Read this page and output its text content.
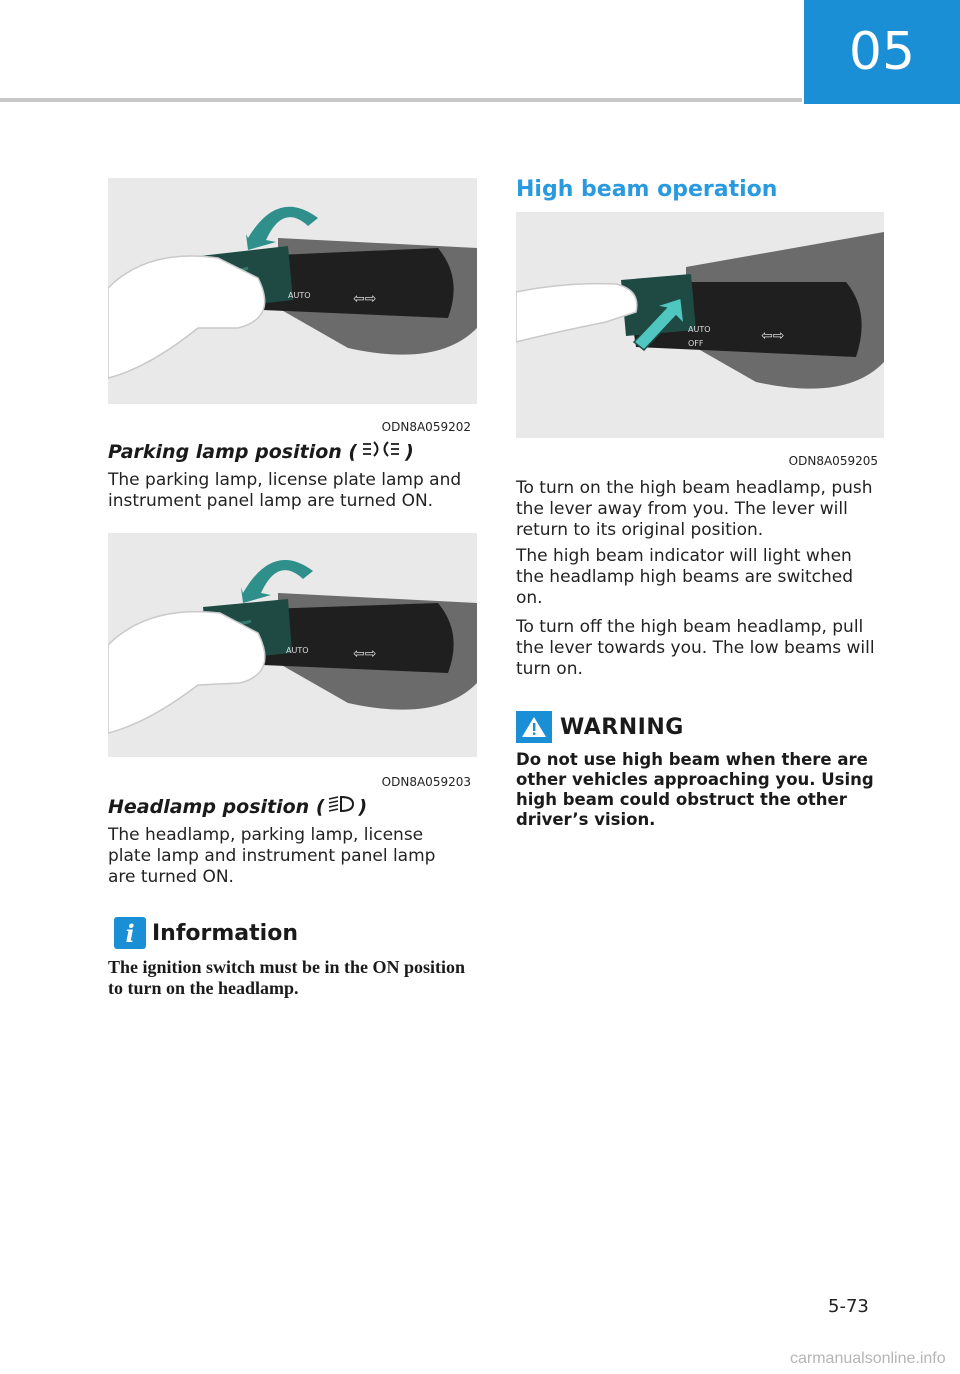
05
AUTO	⇦⇨
ODN8A059202
Parking lamp position (	)
The parking lamp, license plate lamp and instrument panel lamp are turned ON.
AUTO	⇦⇨
ODN8A059203
Headlamp position ( )
The headlamp, parking lamp, license plate lamp and instrument panel lamp are turned ON.
i Information
The ignition switch must be in the ON position to turn on the headlamp.
High beam operation
AUTO
OFF	⇦⇨
ODN8A059205
To turn on the high beam headlamp, push the lever away from you. The lever will return to its original position.
The high beam indicator will light when the headlamp high beams are switched on.
To turn off the high beam headlamp, pull the lever towards you. The low beams will turn on.
WARNING
Do not use high beam when there are other vehicles approaching you. Using high beam could obstruct the other driver’s vision.
5-73
carmanualsonline.info
